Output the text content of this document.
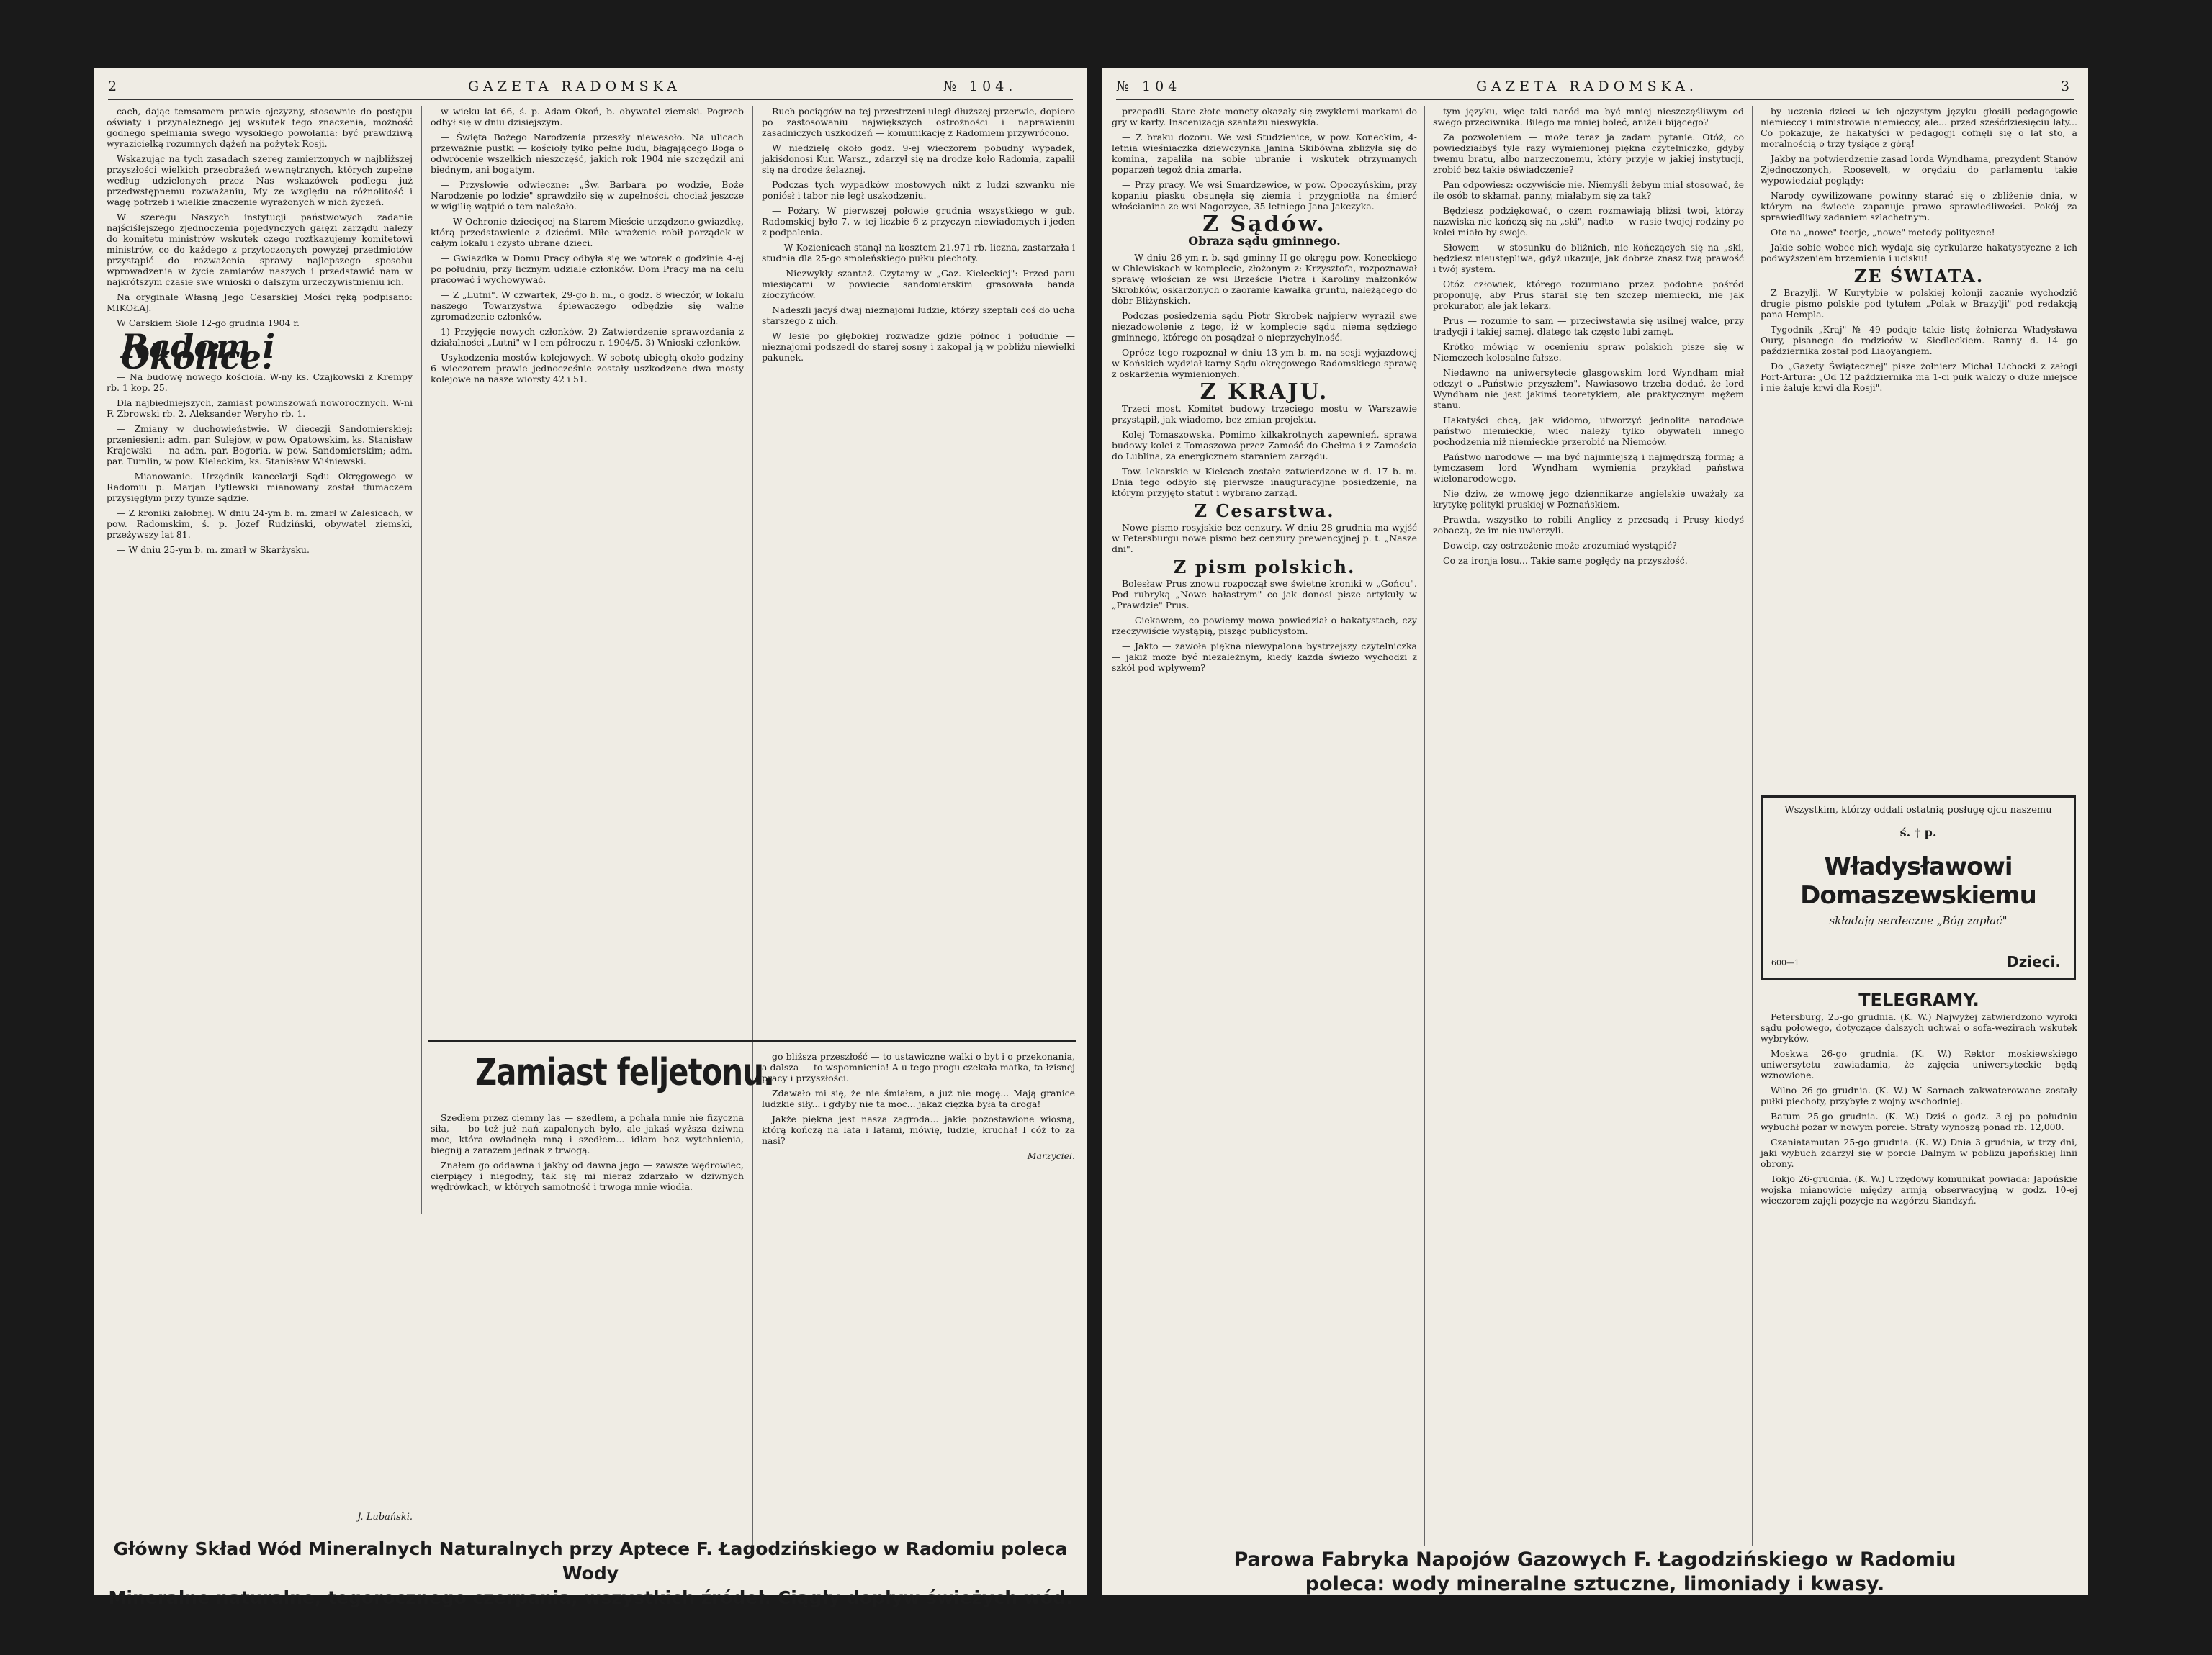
2	GAZETA RADOMSKA	№ 104.

cach, dając temsamem prawie ojczyzny, stosownie do postępu oświaty i przynależnego jej wskutek tego znaczenia, możność godnego spełniania swego wysokiego powołania: być prawdziwą wyrazicielką rozumnych dążeń na pożytek Rosji.

Wskazując na tych zasadach szereg zamierzonych w najbliższej przyszłości wielkich przeobrażeń wewnętrznych, których zupełne według udzielonych przez Nas wskazówek podlega już przedwstępnemu rozważaniu, My ze względu na różnolitość i wagę potrzeb i wielkie znaczenie wyrażonych w nich życzeń.

W szeregu Naszych instytucji państwowych zadanie najściślejszego zjednoczenia pojedynczych gałęzi zarządu należy do komitetu ministrów wskutek czego roztkazujemy komitetowi ministrów, co do każdego z przytoczonych powyżej przedmiotów przystąpić do rozważenia sprawy najlepszego sposobu wprowadzenia w życie zamiarów naszych i przedstawić nam w najkrótszym czasie swe wnioski o dalszym urzeczywistnieniu ich.

Na oryginale Własną Jego Cesarskiej Mości ręką podpisano: MIKOŁAJ.

W Carskiem Siole 12-go grudnia 1904 r.

Radom i Okolice.

— Na budowę nowego kościoła. W-ny ks. Czajkowski z Krempy rb. 1 kop. 25.

Dla najbiedniejszych, zamiast powinszowań noworocznych. W-ni F. Zbrowski rb. 2. Aleksander Weryho rb. 1.

— Zmiany w duchowieństwie. W diecezji Sandomierskiej: przeniesieni: adm. par. Sulejów, w pow. Opatowskim, ks. Stanisław Krajewski — na adm. par. Bogoria, w pow. Sandomierskim; adm. par. Tumlin, w pow. Kieleckim, ks. Stanisław Wiśniewski.

— Mianowanie. Urzędnik kancelarji Sądu Okręgowego w Radomiu p. Marjan Pytlewski mianowany został tłumaczem przysięgłym przy tymże sądzie.

— Z kroniki żałobnej. W dniu 24-ym b. m. zmarł w Zalesicach, w pow. Radomskim, ś. p. Józef Rudziński, obywatel ziemski, przeżywszy lat 81.

— W dniu 25-ym b. m. zmarł w Skarżysku.

w wieku lat 66, ś. p. Adam Okoń, b. obywatel ziemski. Pogrzeb odbył się w dniu dzisiejszym.

— Święta Bożego Narodzenia przeszły niewesoło. Na ulicach przeważnie pustki — kościoły tylko pełne ludu, błagającego Boga o odwrócenie wszelkich nieszczęść, jakich rok 1904 nie szczędził ani biednym, ani bogatym.

— Przysłowie odwieczne: „Św. Barbara po wodzie, Boże Narodzenie po lodzie" sprawdziło się w zupełności, chociaż jeszcze w wigilię wątpić o tem należało.

— W Ochronie dziecięcej na Starem-Mieście urządzono gwiazdkę, którą przedstawienie z dziećmi. Miłe wrażenie robił porządek w całym lokalu i czysto ubrane dzieci.

— Gwiazdka w Domu Pracy odbyła się we wtorek o godzinie 4-ej po południu, przy licznym udziale członków. Dom Pracy ma na celu pracować i wychowywać.

— Z „Lutni". W czwartek, 29-go b. m., o godz. 8 wieczór, w lokalu naszego Towarzystwa śpiewaczego odbędzie się walne zgromadzenie członków.

1) Przyjęcie nowych członków. 2) Zatwierdzenie sprawozdania z działalności „Lutni" w I-em półroczu r. 1904/5. 3) Wnioski członków.

Usykodzenia mostów kolejowych. W sobotę ubiegłą około godziny 6 wieczorem prawie jednocześnie zostały uszkodzone dwa mosty kolejowe na nasze wiorsty 42 i 51.

Ruch pociągów na tej przestrzeni uległ dłuższej przerwie, dopiero po zastosowaniu największych ostrożności i naprawieniu zasadniczych uszkodzeń — komunikację z Radomiem przywrócono.

W niedzielę około godz. 9-ej wieczorem pobudny wypadek, jakiśdonosi Kur. Warsz., zdarzył się na drodze koło Radomia, zapalił się na drodze żelaznej.

Podczas tych wypadków mostowych nikt z ludzi szwanku nie poniósł i tabor nie legł uszkodzeniu.

— Pożary. W pierwszej połowie grudnia wszystkiego w gub. Radomskiej było 7, w tej liczbie 6 z przyczyn niewiadomych i jeden z podpalenia.

— W Kozienicach stanął na kosztem 21.971 rb. liczna, zastarzała i studnia dla 25-go smoleńskiego pułku piechoty.

— Niezwykły szantaż. Czytamy w „Gaz. Kieleckiej": Przed paru miesiącami w powiecie sandomierskim grasowała banda złoczyńców.

Nadeszli jacyś dwaj nieznajomi ludzie, którzy szeptali coś do ucha starszego z nich.

W lesie po głębokiej rozwadze gdzie północ i południe — nieznajomi podszedł do starej sosny i zakopał ją w pobliżu niewielki pakunek.

Zamiast feljetonu.

Szedłem przez ciemny las — szedłem, a pchała mnie nie fizyczna siła, — bo też już nań zapalonych było, ale jakaś wyższa dziwna moc, która owładnęła mną i szedłem... idłam bez wytchnienia, biegnij a zarazem jednak z trwogą.

Znałem go oddawna i jakby od dawna jego — zawsze wędrowiec, cierpiący i niegodny, tak się mi nieraz zdarzało w dziwnych wędrówkach, w których samotność i trwoga mnie wiodła.

go bliższa przeszłość — to ustawiczne walki o byt i o przekonania, a dalsza — to wspomnienia! A u tego progu czekała matka, ta łzisnej pracy i przyszłości.

Zdawało mi się, że nie śmiałem, a już nie mogę... Mają granice ludzkie siły... i gdyby nie ta moc... jakaż ciężka była ta droga!

Jakże piękna jest nasza zagroda... jakie pozostawione wiosną, którą kończą na lata i latami, mówię, ludzie, krucha! I cóż to za nasi?

Marzyciel.
J. Lubański.
Główny Skład Wód Mineralnych Naturalnych przy Aptece F. Łagodzińskiego w Radomiu poleca Wody
Mineralne naturalne, tegorocznego czerpania, wszystkich źródeł. Ciągły dopływ świeżych wód.
№ 104	GAZETA RADOMSKA.	3

przepadli. Stare złote monety okazały się zwykłemi markami do gry w karty. Inscenizacja szantażu nieswykła.

— Z braku dozoru. We wsi Studzienice, w pow. Koneckim, 4-letnia wieśniaczka dziewczynka Janina Skibówna zbliżyła się do komina, zapaliła na sobie ubranie i wskutek otrzymanych poparzeń tegoż dnia zmarła.

— Przy pracy. We wsi Smardzewice, w pow. Opoczyńskim, przy kopaniu piasku obsunęła się ziemia i przygniotła na śmierć włościanina ze wsi Nagorzyce, 35-letniego Jana Jakczyka.

Z Sądów.
Obraza sądu gminnego.

— W dniu 26-ym r. b. sąd gminny II-go okręgu pow. Koneckiego w Chlewiskach w komplecie, złożonym z: Krzysztofa, rozpoznawał sprawę włościan ze wsi Brzeście Piotra i Karoliny małżonków Skrobków, oskarżonych o zaoranie kawałka gruntu, należącego do dóbr Bliżyńskich.

Podczas posiedzenia sądu Piotr Skrobek najpierw wyraził swe niezadowolenie z tego, iż w komplecie sądu niema sędziego gminnego, którego on posądzał o nieprzychylność.

Oprócz tego rozpoznał w dniu 13-ym b. m. na sesji wyjazdowej w Końskich wydział karny Sądu okręgowego Radomskiego sprawę z oskarżenia wymienionych.

Z KRAJU.

Trzeci most. Komitet budowy trzeciego mostu w Warszawie przystąpił, jak wiadomo, bez zmian projektu.

Kolej Tomaszowska. Pomimo kilkakrotnych zapewnień, sprawa budowy kolei z Tomaszowa przez Zamość do Chełma i z Zamościa do Lublina, za energicznem staraniem zarządu.

Tow. lekarskie w Kielcach zostało zatwierdzone w d. 17 b. m. Dnia tego odbyło się pierwsze inauguracyjne posiedzenie, na którym przyjęto statut i wybrano zarząd.

Z Cesarstwa.

Nowe pismo rosyjskie bez cenzury. W dniu 28 grudnia ma wyjść w Petersburgu nowe pismo bez cenzury prewencyjnej p. t. „Nasze dni".

Z pism polskich.

Bolesław Prus znowu rozpoczął swe świetne kroniki w „Gońcu". Pod rubryką „Nowe hałastrym" co jak donosi pisze artykuły w „Prawdzie" Prus.

— Ciekawem, co powiemy mowa powiedział o hakatystach, czy rzeczywiście wystąpią, pisząc publicystom.

— Jakto — zawoła piękna niewypalona bystrzejszy czytelniczka — jakiż może być niezależnym, kiedy każda świeżo wychodzi z szkół pod wpływem?

tym języku, więc taki naród ma być mniej nieszczęśliwym od swego przeciwnika. Bilego ma mniej boleć, aniżeli bijącego?

Za pozwoleniem — może teraz ja zadam pytanie. Otóż, co powiedziałbyś tyle razy wymienionej piękna czytelniczko, gdyby twemu bratu, albo narzeczonemu, który przyje w jakiej instytucji, zrobić bez takie oświadczenie?

Pan odpowiesz: oczywiście nie. Niemyśli żebym miał stosować, że ile osób to skłamał, panny, miałabym się za tak?

Będziesz podziękować, o czem rozmawiają bliżsi twoi, którzy nazwiska nie kończą się na „ski", nadto — w rasie twojej rodziny po kolei miało by swoje.

Słowem — w stosunku do bliżnich, nie kończących się na „ski, będziesz nieustępliwa, gdyż ukazuje, jak dobrze znasz twą prawość i twój system.

Otóż człowiek, którego rozumiano przez podobne pośród proponuję, aby Prus starał się ten szczep niemiecki, nie jak prokurator, ale jak lekarz.

Prus — rozumie to sam — przeciwstawia się usilnej walce, przy tradycji i takiej samej, dlatego tak często lubi zamęt.

Krótko mówiąc w ocenieniu spraw polskich pisze się w Niemczech kolosalne fałsze.

Niedawno na uniwersytecie glasgowskim lord Wyndham miał odczyt o „Państwie przyszłem". Nawiasowo trzeba dodać, że lord Wyndham nie jest jakimś teoretykiem, ale praktycznym mężem stanu.

Hakatyści chcą, jak widomo, utworzyć jednolite narodowe państwo niemieckie, wiec należy tylko obywateli innego pochodzenia niż niemieckie przerobić na Niemców.

Państwo narodowe — ma być najmniejszą i najmędrszą formą; a tymczasem lord Wyndham wymienia przykład państwa wielonarodowego.

Nie dziw, że wmowę jego dziennikarze angielskie uważały za krytykę polityki pruskiej w Poznańskiem.

Prawda, wszystko to robili Anglicy z przesadą i Prusy kiedyś zobaczą, że im nie uwierzyli.

Dowcip, czy ostrzeżenie może zrozumiać wystąpić?

Co za ironja losu... Takie same pogłędy na przyszłość.

by uczenia dzieci w ich ojczystym języku głosili pedagogowie niemieccy i ministrowie niemieccy, ale... przed sześćdziesięciu laty... Co pokazuje, że hakatyści w pedagogji cofnęli się o lat sto, a moralnością o trzy tysiące z górą!

Jakby na potwierdzenie zasad lorda Wyndhama, prezydent Stanów Zjednoczonych, Roosevelt, w orędziu do parlamentu takie wypowiedział poglądy:

Narody cywilizowane powinny starać się o zbliżenie dnia, w którym na świecie zapanuje prawo sprawiedliwości. Pokój za sprawiedliwy zadaniem szlachetnym.

Oto na „nowe" teorje, „nowe" metody polityczne!

Jakie sobie wobec nich wydaja się cyrkularze hakatystyczne z ich podwyższeniem brzemienia i ucisku!

ZE ŚWIATA.

Z Brazylji. W Kurytybie w polskiej kolonji zacznie wychodzić drugie pismo polskie pod tytułem „Polak w Brazylji" pod redakcją pana Hempla.

Tygodnik „Kraj" № 49 podaje takie listę żołnierza Władysława Oury, pisanego do rodziców w Siedleckiem. Ranny d. 14 go października został pod Liaoyangiem.

Do „Gazety Świątecznej" pisze żołnierz Michał Lichocki z załogi Port-Artura: „Od 12 października ma 1-ci pułk walczy o duże miejsce i nie żałuje krwi dla Rosji".

Wszystkim, którzy oddali ostatnią posługę ojcu naszemu
ś. † p.
Władysławowi Domaszewskiemu
składają serdeczne „Bóg zapłać"
600—1	Dzieci.
TELEGRAMY.

Petersburg, 25-go grudnia. (K. W.) Najwyżej zatwierdzono wyroki sądu połowego, dotyczące dalszych uchwał o sofa-wezirach wskutek wybryków.

Moskwa 26-go grudnia. (K. W.) Rektor moskiewskiego uniwersytetu zawiadamia, że zajęcia uniwersyteckie będą wznowione.

Wilno 26-go grudnia. (K. W.) W Sarnach zakwaterowane zostały pułki piechoty, przybyłe z wojny wschodniej.

Batum 25-go grudnia. (K. W.) Dziś o godz. 3-ej po południu wybuchł pożar w nowym porcie. Straty wynoszą ponad rb. 12,000.

Czaniatamutan 25-go grudnia. (K. W.) Dnia 3 grudnia, w trzy dni, jaki wybuch zdarzył się w porcie Dalnym w pobliżu japońskiej linii obrony.

Tokjo 26-grudnia. (K. W.) Urzędowy komunikat powiada: Japońskie wojska mianowicie między armją obserwacyjną w godz. 10-ej wieczorem zajęli pozycje na wzgórzu Siandzyń.

Parowa Fabryka Napojów Gazowych F. Łagodzińskiego w Radomiu
poleca: wody mineralne sztuczne, limoniady i kwasy.
